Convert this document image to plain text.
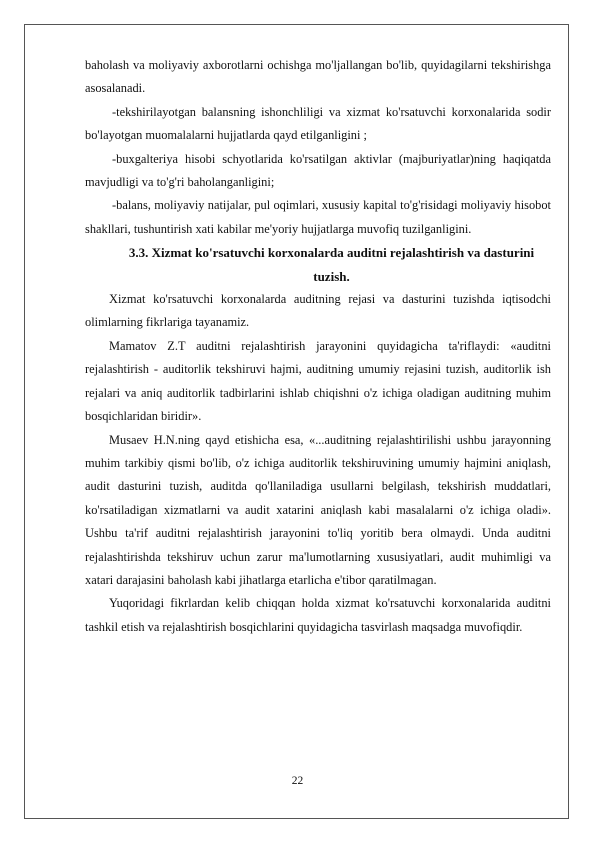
baholash va moliyaviy axborotlarni ochishga mo'ljallangan bo'lib, quyidagilarni tekshirishga asosalanadi.

-tekshirilayotgan balansning ishonchliligi va xizmat ko'rsatuvchi korxonalarida sodir bo'layotgan muomalalarni hujjatlarda qayd etilganligini ;

-buxgalteriya hisobi schyotlarida ko'rsatilgan aktivlar (majburiyatlar)ning haqiqatda mavjudligi va to'g'ri baholanganligini;

-balans, moliyaviy natijalar, pul oqimlari, xususiy kapital to'g'risidagi moliyaviy hisobot shakllari, tushuntirish xati kabilar me'yoriy hujjatlarga muvofiq tuzilganligini.

3.3. Xizmat ko'rsatuvchi korxonalarda auditni rejalashtirish va dasturini tuzish.

Xizmat ko'rsatuvchi korxonalarda auditning rejasi va dasturini tuzishda iqtisodchi olimlarning fikrlariga tayanamiz.

Mamatov Z.T auditni rejalashtirish jarayonini quyidagicha ta'riflaydi: «auditni rejalashtirish - auditorlik tekshiruvi hajmi, auditning umumiy rejasini tuzish, auditorlik ish rejalari va aniq auditorlik tadbirlarini ishlab chiqishni o'z ichiga oladigan auditning muhim bosqichlaridan biridir».

Musaev H.N.ning qayd etishicha esa, «...auditning rejalashtirilishi ushbu jarayonning muhim tarkibiy qismi bo'lib, o'z ichiga auditorlik tekshiruvining umumiy hajmini aniqlash, audit dasturini tuzish, auditda qo'llaniladiga usullarni belgilash, tekshirish muddatlari, ko'rsatiladigan xizmatlarni va audit xatarini aniqlash kabi masalalarni o'z ichiga oladi». Ushbu ta'rif auditni rejalashtirish jarayonini to'liq yoritib bera olmaydi. Unda auditni rejalashtirishda tekshiruv uchun zarur ma'lumotlarning xususiyatlari, audit muhimligi va xatari darajasini baholash kabi jihatlarga etarlicha e'tibor qaratilmagan.

Yuqoridagi fikrlardan kelib chiqqan holda xizmat ko'rsatuvchi korxonalarida auditni tashkil etish va rejalashtirish bosqichlarini quyidagicha tasvirlash maqsadga muvofiqdir.

22
